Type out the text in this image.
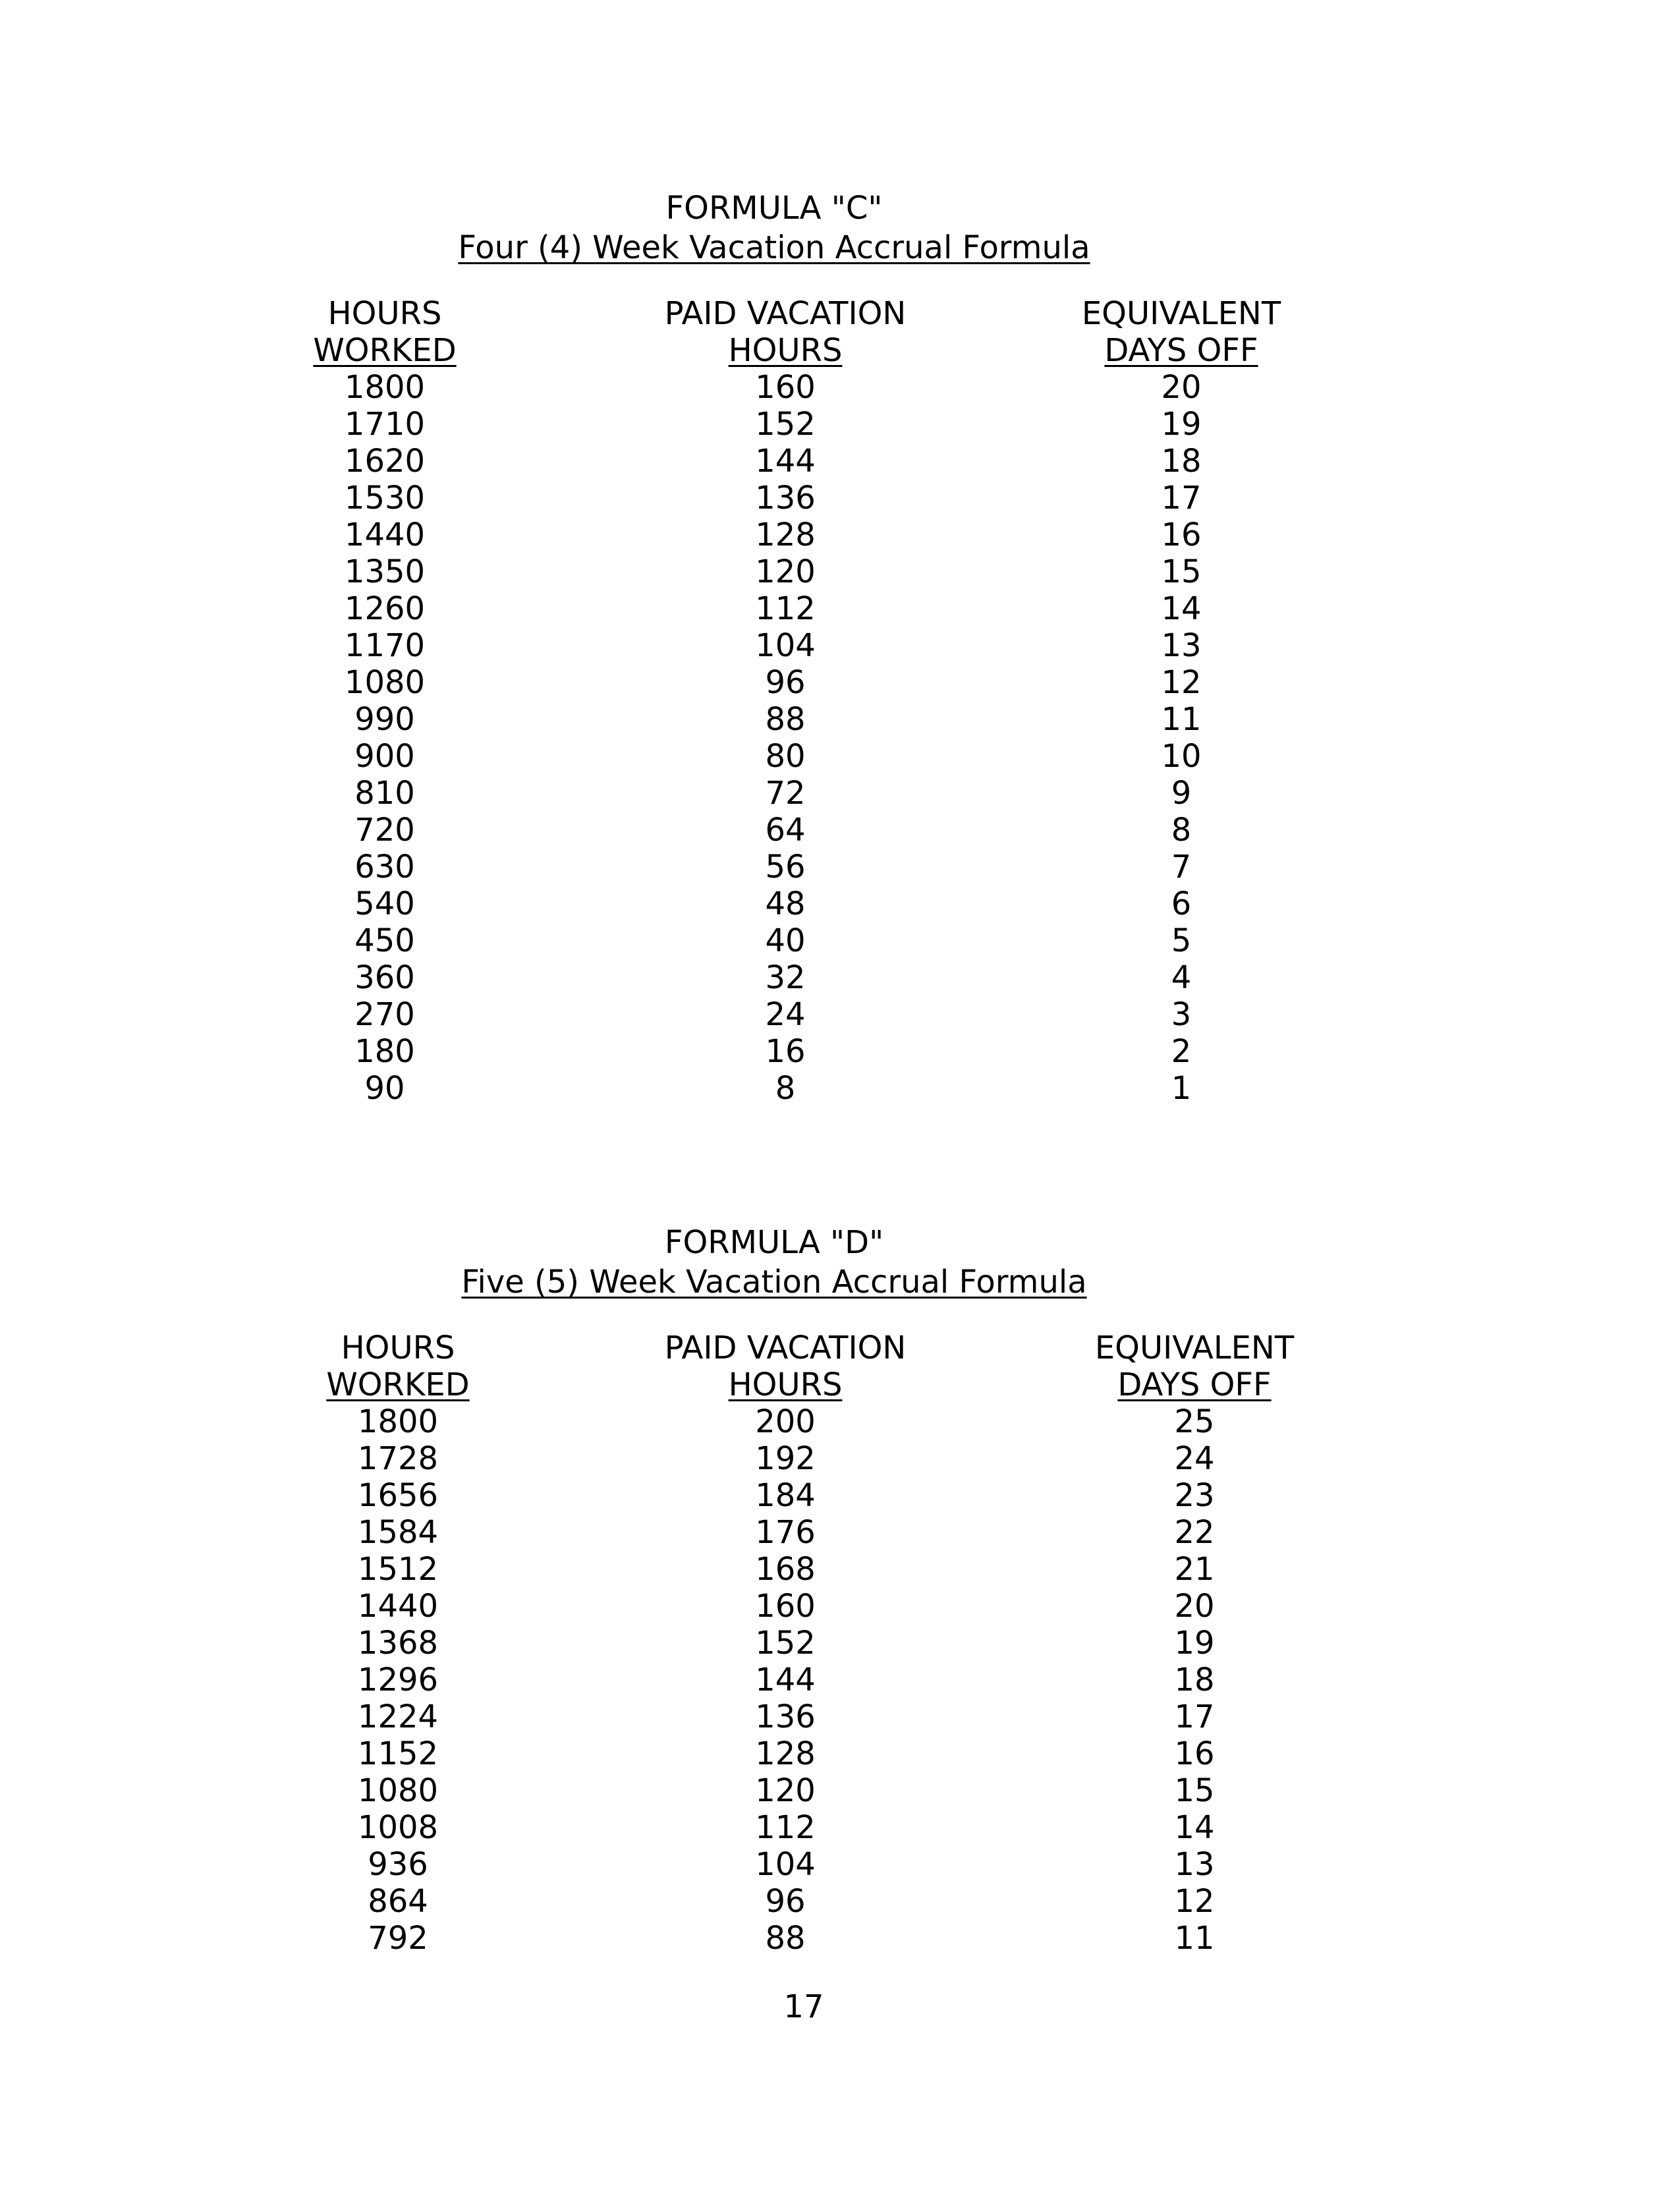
FORMULA "C"
Four (4) Week Vacation Accrual Formula
HOURS
WORKED
1800
1710
1620
1530
1440
1350
1260
1170
1080
990
900
810
720
630
540
450
360
270
180
90
PAID VACATION
HOURS
160
152
144
136
128
120
112
104
96
88
80
72
64
56
48
40
32
24
16
8
EQUIVALENT
DAYS OFF
20
19
18
17
16
15
14
13
12
11
10
9
8
7
6
5
4
3
2
1
FORMULA "D"
Five (5) Week Vacation Accrual Formula
HOURS
WORKED
1800
1728
1656
1584
1512
1440
1368
1296
1224
1152
1080
1008
936
864
792
PAID VACATION
HOURS
200
192
184
176
168
160
152
144
136
128
120
112
104
96
88
EQUIVALENT
DAYS OFF
25
24
23
22
21
20
19
18
17
16
15
14
13
12
11
17
